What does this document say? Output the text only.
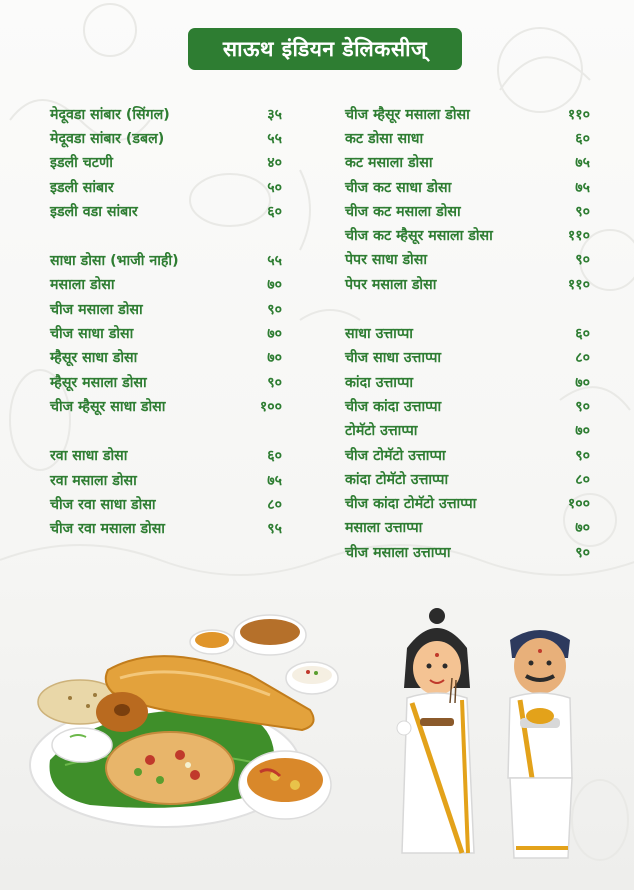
साऊथ इंडियन डेलिकसीज्
मेदूवडा सांबार (सिंगल)	३५
मेदूवडा सांबार (डबल)	५५
इडली चटणी	४०
इडली सांबार	५०
इडली वडा सांबार	६०
साधा डोसा (भाजी नाही)	५५
मसाला डोसा	७०
चीज मसाला डोसा	९०
चीज साधा डोसा	७०
म्हैसूर साधा डोसा	७०
म्हैसूर मसाला डोसा	९०
चीज म्हैसूर साधा डोसा	१००
रवा साधा डोसा	६०
रवा मसाला डोसा	७५
चीज रवा साधा डोसा	८०
चीज रवा मसाला डोसा	९५
चीज म्हैसूर मसाला डोसा	११०
कट डोसा साधा	६०
कट मसाला डोसा	७५
चीज कट साधा डोसा	७५
चीज कट मसाला डोसा	९०
चीज कट म्हैसूर मसाला डोसा	११०
पेपर साधा डोसा	९०
पेपर मसाला डोसा	११०
साधा उत्ताप्पा	६०
चीज साधा उत्ताप्पा	८०
कांदा उत्ताप्पा	७०
चीज कांदा उत्ताप्पा	९०
टोमॅटो उत्ताप्पा	७०
चीज टोमॅटो उत्ताप्पा	९०
कांदा टोमॅटो उत्ताप्पा	८०
चीज कांदा टोमॅटो उत्ताप्पा	१००
मसाला उत्ताप्पा	७०
चीज मसाला उत्ताप्पा	९०
